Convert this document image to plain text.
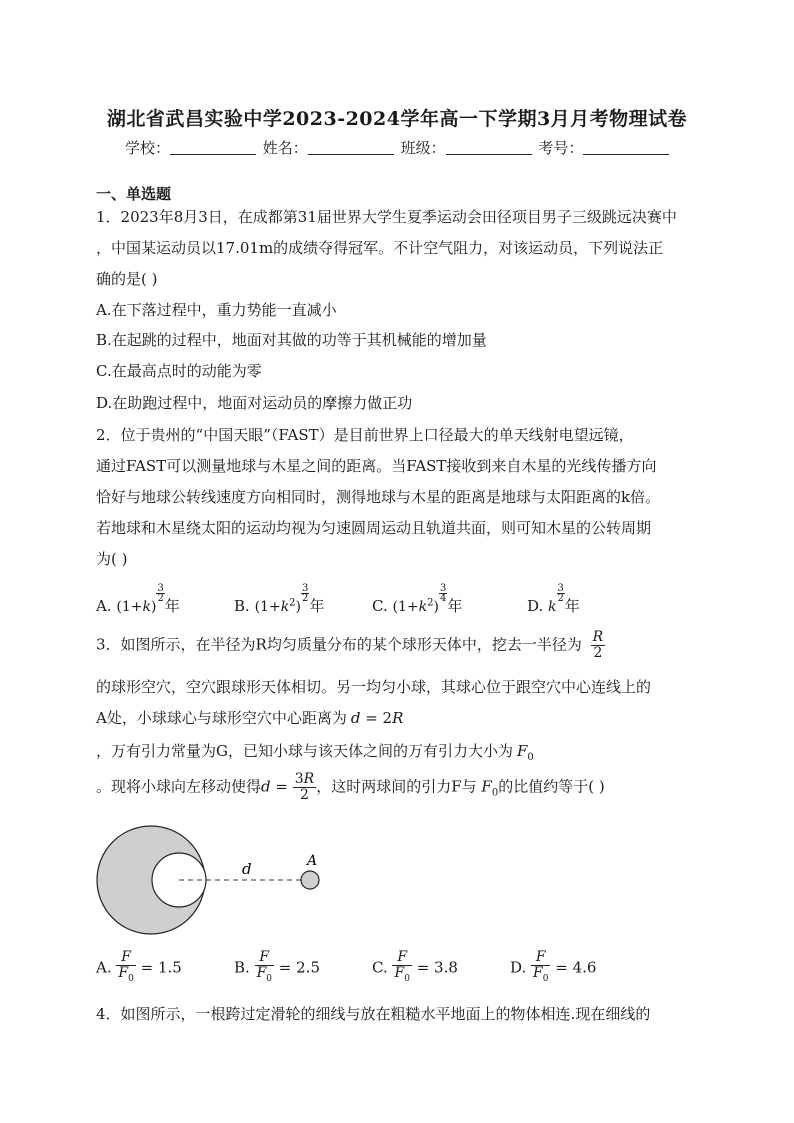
湖北省武昌实验中学2023-2024学年高一下学期3月月考物理试卷
学校：	姓名：	班级：	考号：
一、单选题
1．2023年8月3日，在成都第31届世界大学生夏季运动会田径项目男子三级跳远决赛中
，中国某运动员以17.01m的成绩夺得冠军。不计空气阻力，对该运动员，下列说法正
确的是( )
A.在下落过程中，重力势能一直减小
B.在起跳的过程中，地面对其做的功等于其机械能的增加量
C.在最高点时的动能为零
D.在助跑过程中，地面对运动员的摩擦力做正功
2．位于贵州的“中国天眼”（FAST）是目前世界上口径最大的单天线射电望远镜，
通过FAST可以测量地球与木星之间的距离。当FAST接收到来自木星的光线传播方向
恰好与地球公转线速度方向相同时，测得地球与木星的距离是地球与太阳距离的k倍。
若地球和木星绕太阳的运动均视为匀速圆周运动且轨道共面，则可知木星的公转周期
为( )
A. (1+k)
$\frac{3}{2}$
年	B. $(1+k^2)$
$\frac{3}{2}$
年	C. $(1+k^2)$
$\frac{3}{4}$
年	D. k
$\frac{3}{2}$
年
3．如图所示，在半径为R均匀质量分布的某个球形天体中，挖去一半径为 $\frac{R}{2}$
的球形空穴，空穴跟球形天体相切。另一均匀小球，其球心位于跟空穴中心连线上的
A处，小球球心与球形空穴中心距离为 d = 2R
，万有引力常量为G，已知小球与该天体之间的万有引力大小为 $F_0$
。现将小球向左移动使得$d = \frac{3R}{2}$ ，这时两球间的引力F与 $F_0$的比值约等于( )
d	A
A. $\frac{F}{F_0} = 1.5$	B. $\frac{F}{F_0} = 2.5$	C. $\frac{F}{F_0} = 3.8$	D. $\frac{F}{F_0} = 4.6$
4．如图所示，一根跨过定滑轮的细线与放在粗糙水平地面上的物体相连.现在细线的
